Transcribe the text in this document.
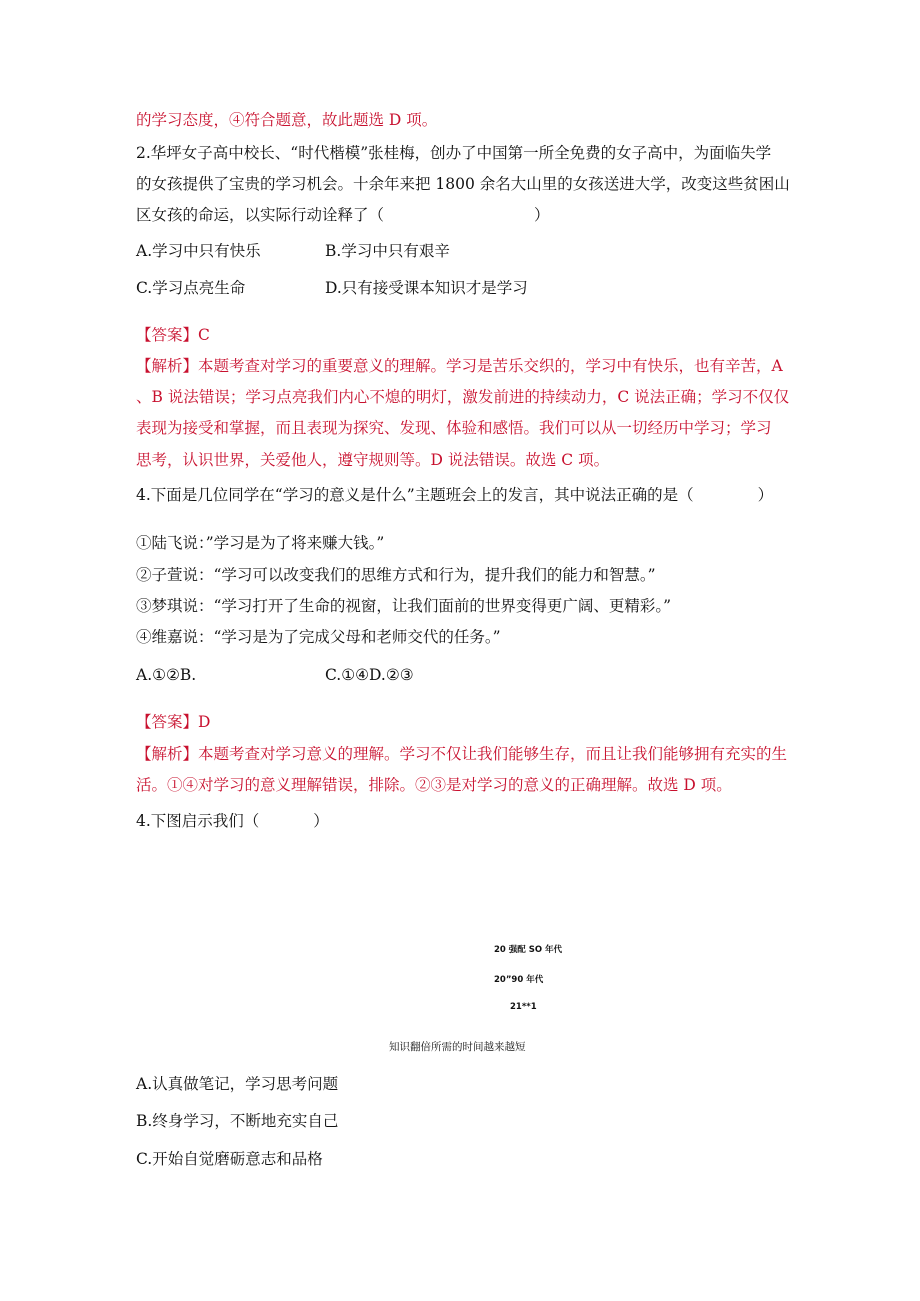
的学习态度，④符合题意，故此题选 D 项。
2.华坪女子高中校长、“时代楷模”张桂梅，创办了中国第一所全免费的女子高中，为面临失学
的女孩提供了宝贵的学习机会。十余年来把 1800 余名大山里的女孩送进大学，改变这些贫困山
区女孩的命运，以实际行动诠释了（	）
A.学习中只有快乐	B.学习中只有艰辛
C.学习点亮生命	D.只有接受课本知识才是学习
【答案】C
【解析】本题考查对学习的重要意义的理解。学习是苦乐交织的，学习中有快乐，也有辛苦，A
、B 说法错误；学习点亮我们内心不熄的明灯，激发前进的持续动力，C 说法正确；学习不仅仅
表现为接受和掌握，而且表现为探究、发现、体验和感悟。我们可以从一切经历中学习；学习
思考，认识世界，关爱他人，遵守规则等。D 说法错误。故选 C 项。
4.下面是几位同学在“学习的意义是什么”主题班会上的发言，其中说法正确的是（	）
①陆飞说：”学习是为了将来赚大钱。”
②子萱说：“学习可以改变我们的思维方式和行为，提升我们的能力和智慧。”
③梦琪说：“学习打开了生命的视窗，让我们面前的世界变得更广阔、更精彩。”
④维嘉说：“学习是为了完成父母和老师交代的任务。”
A.①②B.	C.①④D.②③
【答案】D
【解析】本题考查对学习意义的理解。学习不仅让我们能够生存，而且让我们能够拥有充实的生
活。①④对学习的意义理解错误，排除。②③是对学习的意义的正确理解。故选 D 项。
4.下图启示我们（	）
20 强配 SO 年代
20”90 年代
21**1
知识翻倍所需的时间越来越短
A.认真做笔记，学习思考问题
B.终身学习，不断地充实自己
C.开始自觉磨砺意志和品格
